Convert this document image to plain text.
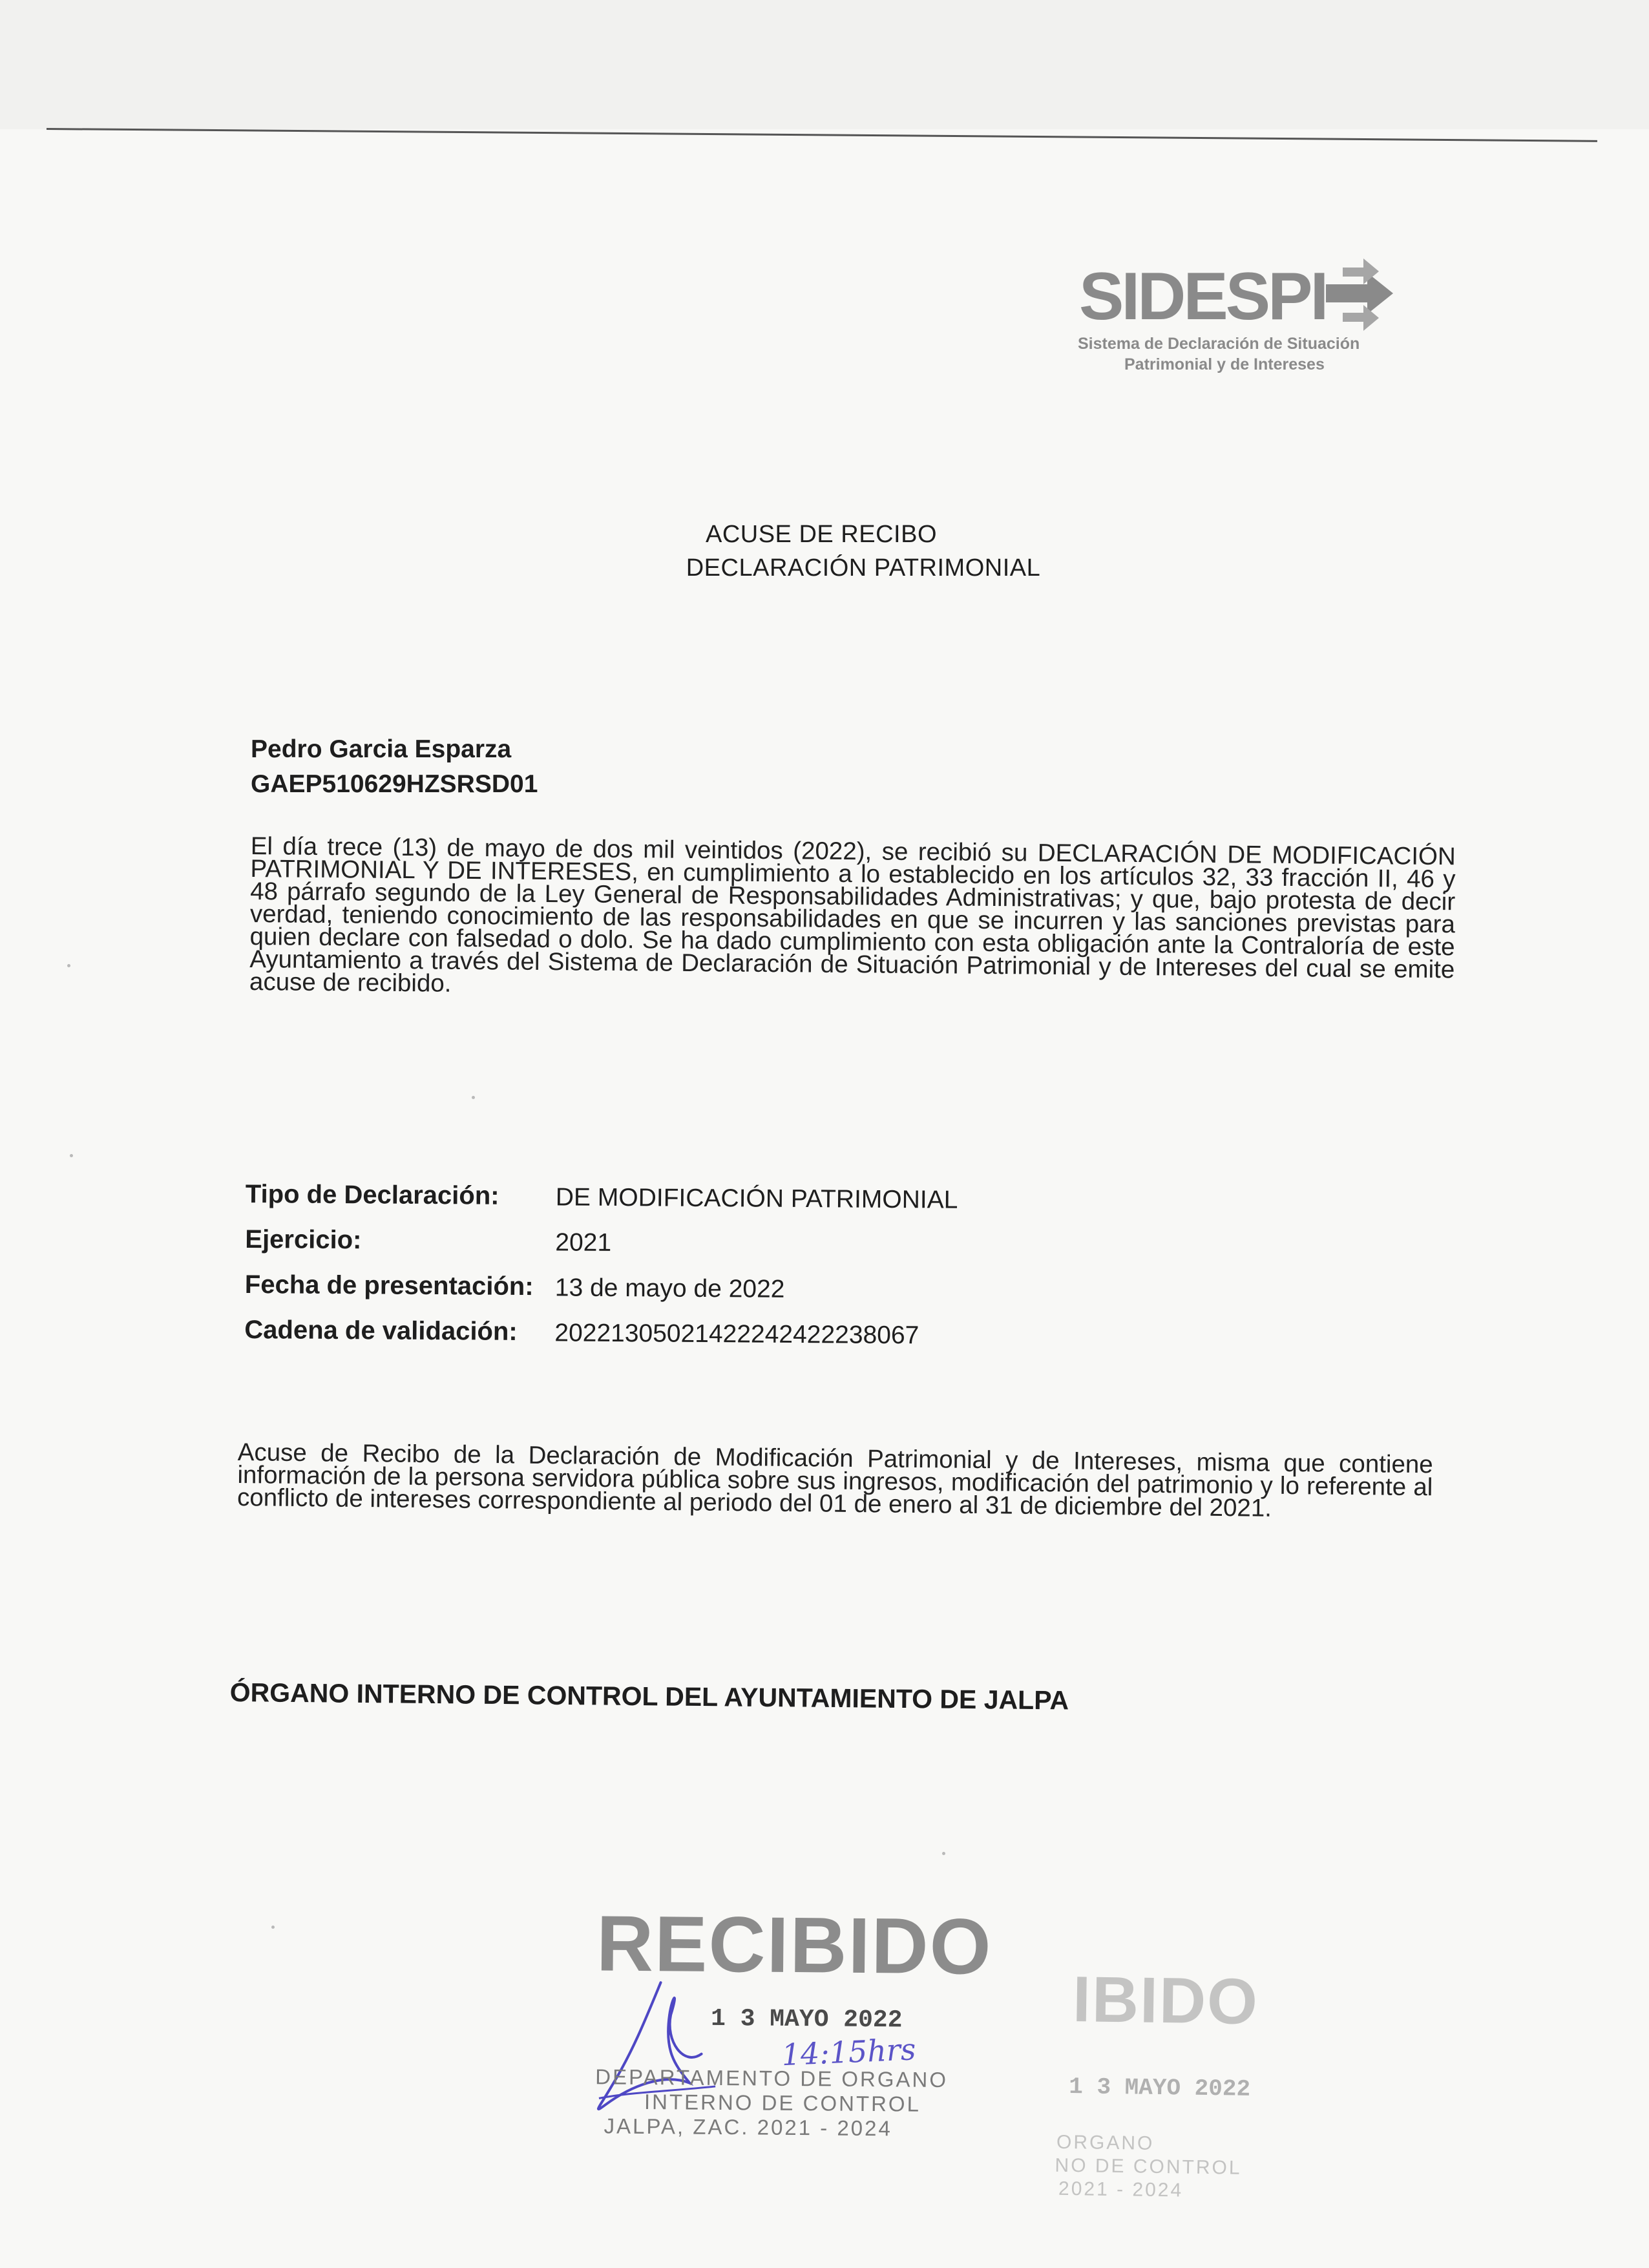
SIDESPI
Sistema de Declaración de Situación
Patrimonial y de Intereses
ACUSE DE RECIBO
DECLARACIÓN PATRIMONIAL
Pedro Garcia Esparza
GAEP510629HZSRSD01
El día trece (13) de mayo de dos mil veintidos (2022), se recibió su DECLARACIÓN DE MODIFICACIÓN PATRIMONIAL Y DE INTERESES, en cumplimiento a lo establecido en los artículos 32, 33 fracción II, 46 y 48 párrafo segundo de la Ley General de Responsabilidades Administrativas; y que, bajo protesta de decir verdad, teniendo conocimiento de las responsabilidades en que se incurren y las sanciones previstas para quien declare con falsedad o dolo. Se ha dado cumplimiento con esta obligación ante la Contraloría de este Ayuntamiento a través del Sistema de Declaración de Situación Patrimonial y de Intereses del cual se emite acuse de recibido.
Tipo de Declaración: DE MODIFICACIÓN PATRIMONIAL
Ejercicio:	2021
Fecha de presentación: 13 de mayo de 2022
Cadena de validación: 20221305021422242422238067
Acuse de Recibo de la Declaración de Modificación Patrimonial y de Intereses, misma que contiene información de la persona servidora pública sobre sus ingresos, modificación del patrimonio y lo referente al conflicto de intereses correspondiente al periodo del 01 de enero al 31 de diciembre del 2021.
ÓRGANO INTERNO DE CONTROL DEL AYUNTAMIENTO DE JALPA
RECIBIDO
1 3 MAYO 2022
14:15hrs
DEPARTAMENTO DE ORGANO
INTERNO DE CONTROL
JALPA, ZAC. 2021 - 2024
IBIDO
1 3 MAYO 2022
ORGANO
NO DE CONTROL
2021 - 2024
